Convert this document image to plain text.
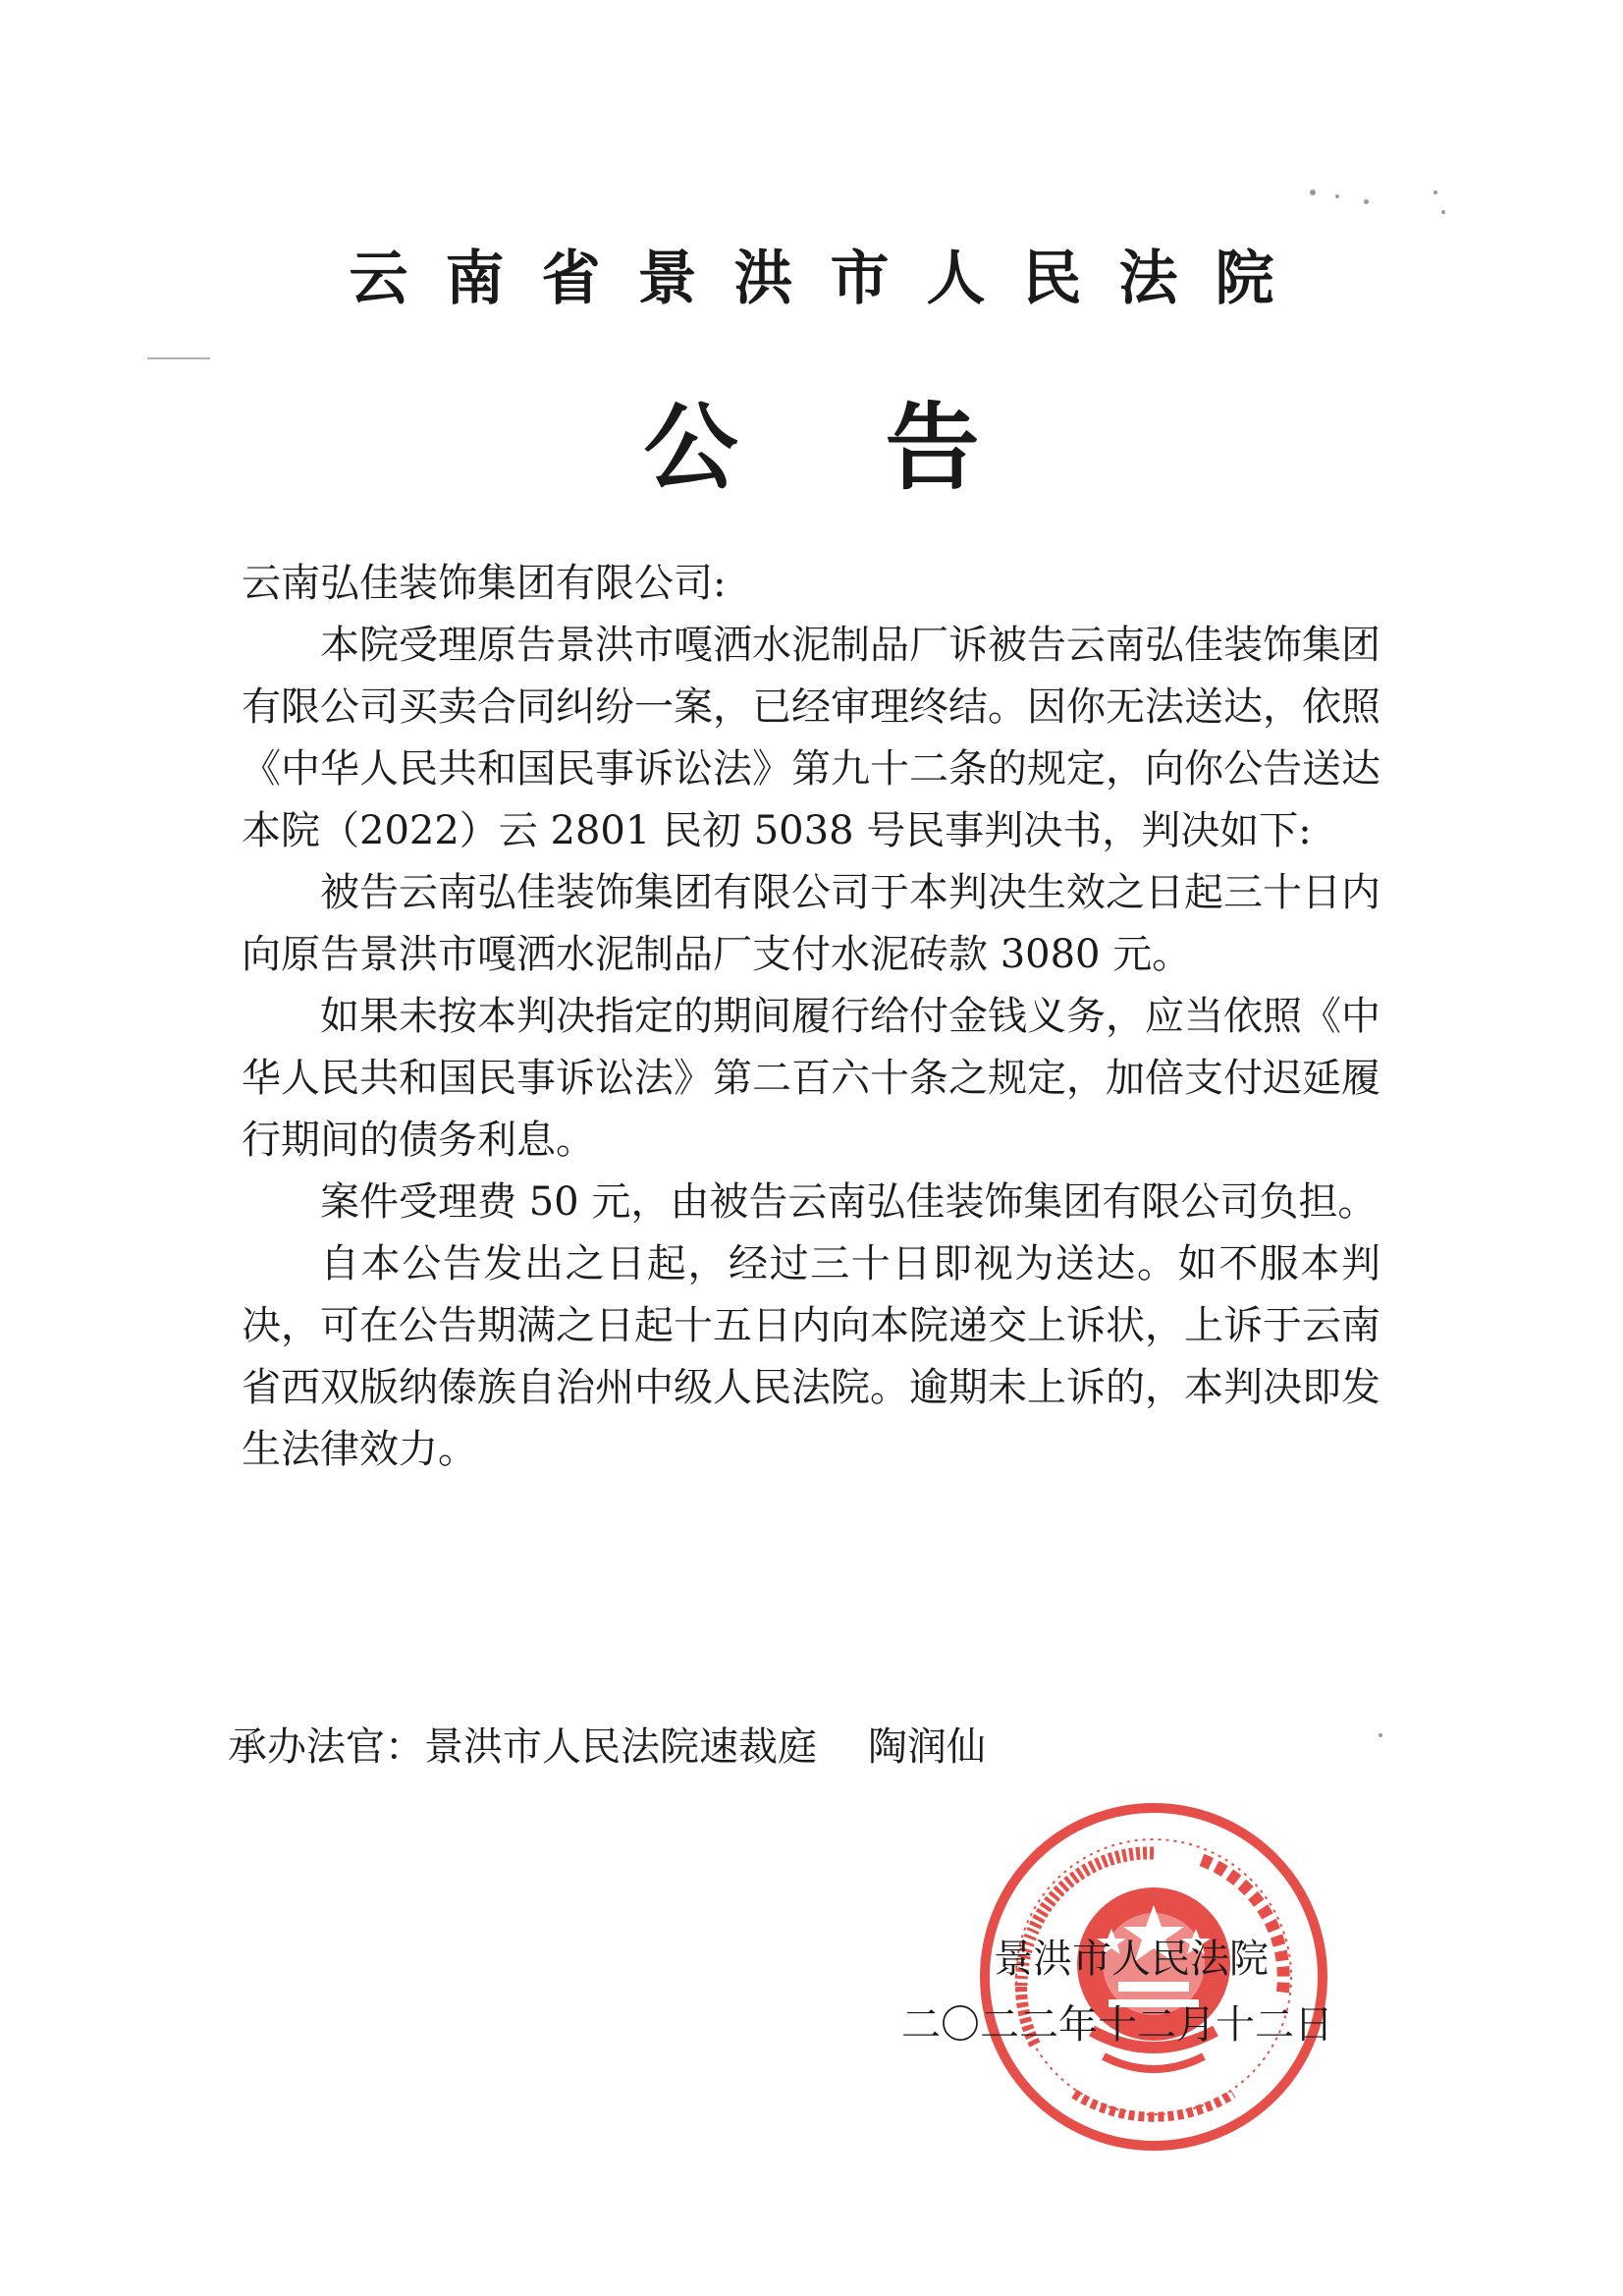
云南省景洪市人民法院
公告

云南弘佳装饰集团有限公司:

本院受理原告景洪市嘎洒水泥制品厂诉被告云南弘佳装饰集团有限公司买卖合同纠纷一案，已经审理终结。因你无法送达，依照《中华人民共和国民事诉讼法》第九十二条的规定，向你公告送达本院（2022）云 2801 民初 5038 号民事判决书，判决如下:

被告云南弘佳装饰集团有限公司于本判决生效之日起三十日内向原告景洪市嘎洒水泥制品厂支付水泥砖款 3080 元。

如果未按本判决指定的期间履行给付金钱义务，应当依照《中华人民共和国民事诉讼法》第二百六十条之规定，加倍支付迟延履行期间的债务利息。

案件受理费 50 元，由被告云南弘佳装饰集团有限公司负担。

自本公告发出之日起，经过三十日即视为送达。如不服本判决，可在公告期满之日起十五日内向本院递交上诉状，上诉于云南省西双版纳傣族自治州中级人民法院。逾期未上诉的，本判决即发生法律效力。

承办法官：景洪市人民法院速裁庭 陶润仙

景洪市人民法院

二〇二二年十二月十二日
